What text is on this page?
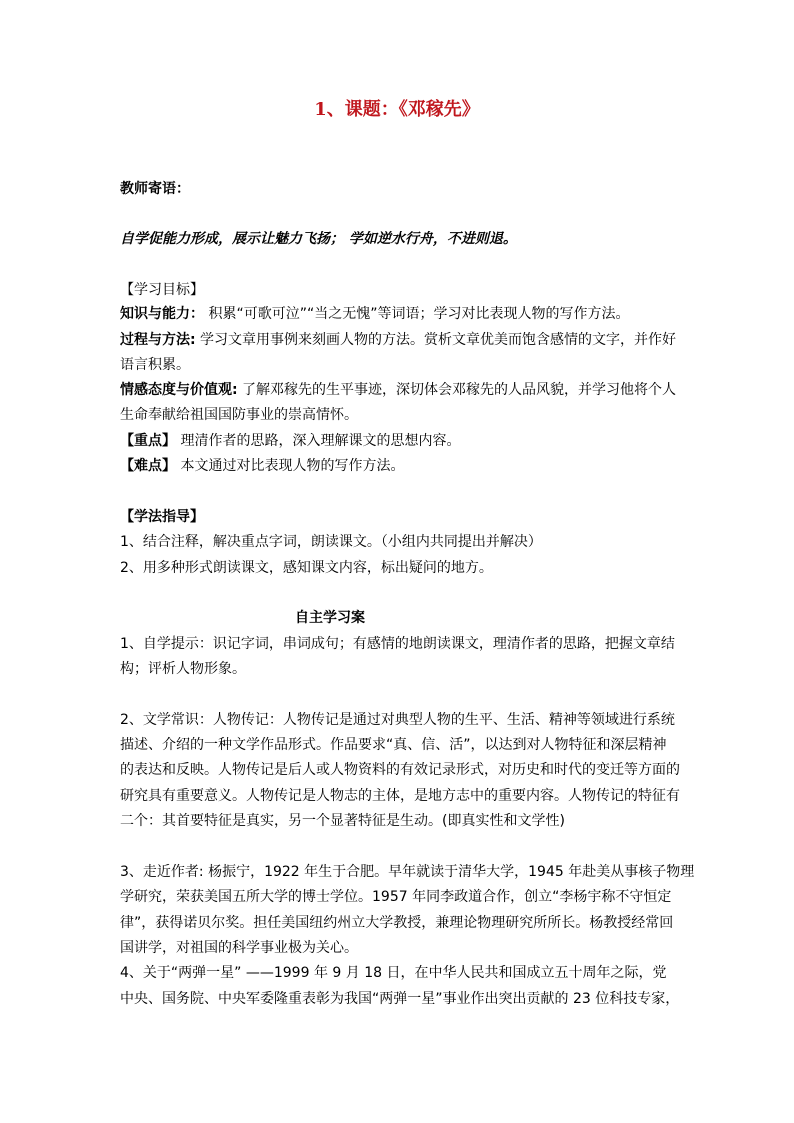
1、课题：《邓稼先》
教师寄语：
自学促能力形成，展示让魅力飞扬； 学如逆水行舟，不进则退。
【学习目标】
知识与能力： 积累“可歌可泣”“当之无愧”等词语；学习对比表现人物的写作方法。
过程与方法: 学习文章用事例来刻画人物的方法。赏析文章优美而饱含感情的文字，并作好
语言积累。
情感态度与价值观: 了解邓稼先的生平事迹，深切体会邓稼先的人品风貌，并学习他将个人
生命奉献给祖国国防事业的崇高情怀。
【重点】 理清作者的思路，深入理解课文的思想内容。
【难点】 本文通过对比表现人物的写作方法。
【学法指导】
1、结合注释，解决重点字词，朗读课文。（小组内共同提出并解决）
2、用多种形式朗读课文，感知课文内容，标出疑问的地方。
自主学习案
1、自学提示：识记字词，串词成句；有感情的地朗读课文，理清作者的思路，把握文章结
构；评析人物形象。
2、文学常识：人物传记：人物传记是通过对典型人物的生平、生活、精神等领域进行系统
描述、介绍的一种文学作品形式。作品要求“真、信、活”，以达到对人物特征和深层精神
的表达和反映。人物传记是后人或人物资料的有效记录形式，对历史和时代的变迁等方面的
研究具有重要意义。人物传记是人物志的主体，是地方志中的重要内容。人物传记的特征有
二个：其首要特征是真实，另一个显著特征是生动。(即真实性和文学性)
3、走近作者: 杨振宁，1922 年生于合肥。早年就读于清华大学，1945 年赴美从事核子物理
学研究，荣获美国五所大学的博士学位。1957 年同李政道合作，创立“李杨宇称不守恒定
律”，获得诺贝尔奖。担任美国纽约州立大学教授，兼理论物理研究所所长。杨教授经常回
国讲学，对祖国的科学事业极为关心。
4、关于“两弹一星” ——1999 年 9 月 18 日，在中华人民共和国成立五十周年之际，党
中央、国务院、中央军委隆重表彰为我国“两弹一星”事业作出突出贡献的 23 位科技专家，
